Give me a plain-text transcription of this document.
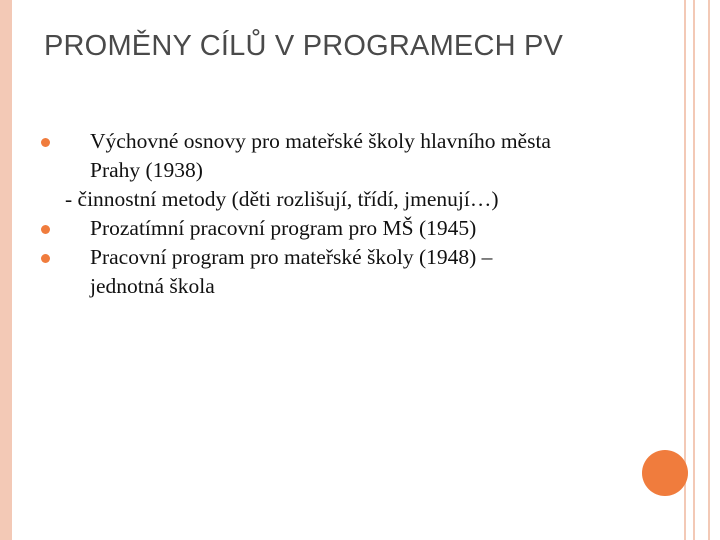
PROMĚNY CÍLŮ V PROGRAMECH PV
Výchovné osnovy pro mateřské školy hlavního města
Prahy (1938)
- činnostní metody (děti rozlišují, třídí, jmenují…)
Prozatímní pracovní program pro MŠ (1945)
Pracovní program pro mateřské školy (1948) –
jednotná škola
